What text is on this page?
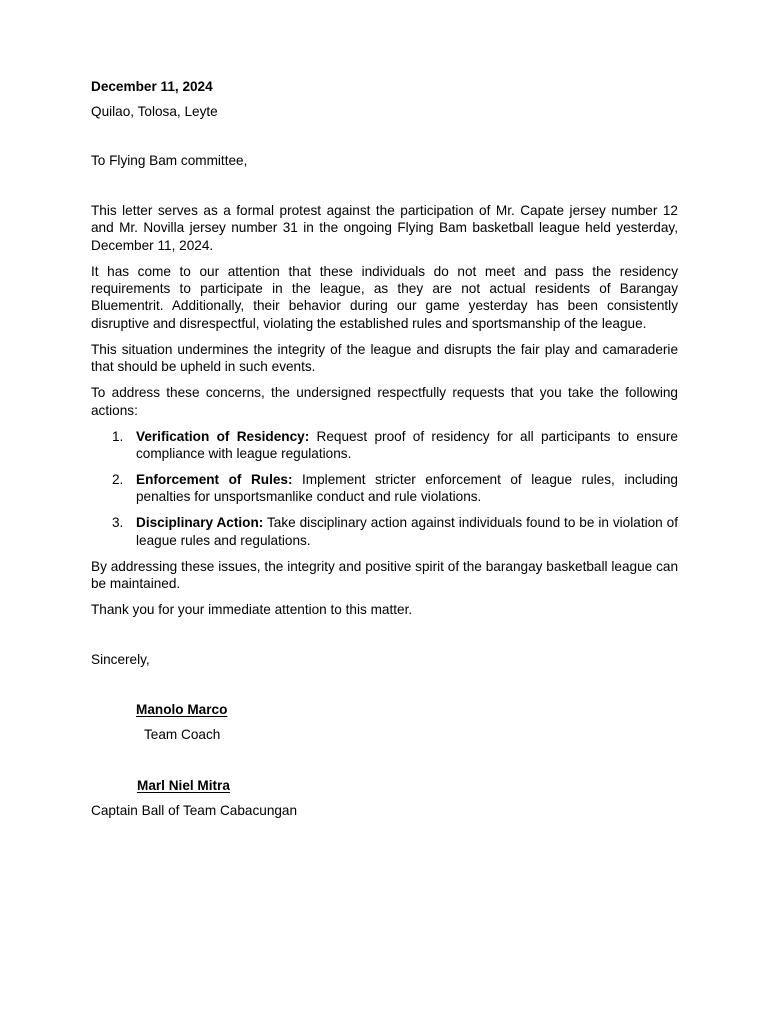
December 11, 2024

Quilao, Tolosa, Leyte

To Flying Bam committee,

This letter serves as a formal protest against the participation of Mr. Capate jersey number 12 and Mr. Novilla jersey number 31 in the ongoing Flying Bam basketball league held yesterday, December 11, 2024.

It has come to our attention that these individuals do not meet and pass the residency requirements to participate in the league, as they are not actual residents of Barangay Bluementrit. Additionally, their behavior during our game yesterday has been consistently disruptive and disrespectful, violating the established rules and sportsmanship of the league.

This situation undermines the integrity of the league and disrupts the fair play and camaraderie that should be upheld in such events.

To address these concerns, the undersigned respectfully requests that you take the following actions:

1. Verification of Residency: Request proof of residency for all participants to ensure compliance with league regulations.
2. Enforcement of Rules: Implement stricter enforcement of league rules, including penalties for unsportsmanlike conduct and rule violations.
3. Disciplinary Action: Take disciplinary action against individuals found to be in violation of league rules and regulations.

By addressing these issues, the integrity and positive spirit of the barangay basketball league can be maintained.

Thank you for your immediate attention to this matter.

Sincerely,

Manolo Marco

Team Coach

Marl Niel Mitra

Captain Ball of Team Cabacungan
